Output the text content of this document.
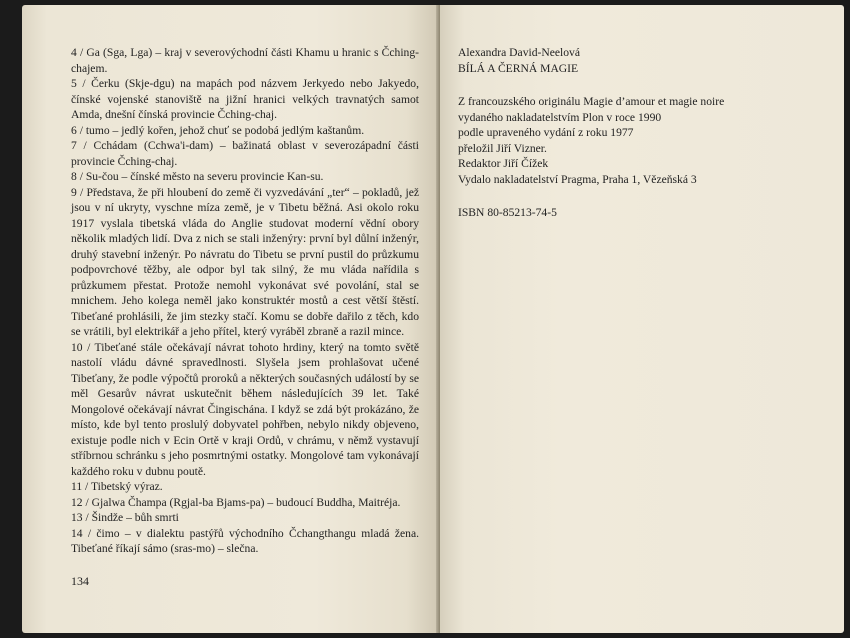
4 / Ga (Sga, Lga) – kraj v severovýchodní části Khamu u hranic s Čching-chajem.

5 / Čerku (Skje-dgu) na mapách pod názvem Jerkyedo nebo Jakyedo, čínské vojenské stanoviště na jižní hranici velkých travnatých samot Amda, dnešní čínská provincie Čching-chaj.

6 / tumo – jedlý kořen, jehož chuť se podobá jedlým kaštanům.

7 / Cchádam (Cchwa'i-dam) – bažinatá oblast v severozápadní části provincie Čching-chaj.

8 / Su-čou – čínské město na severu provincie Kan-su.

9 / Představa, že při hloubení do země či vyzvedávání „ter“ – pokladů, jež jsou v ní ukryty, vyschne míza země, je v Tibetu běžná. Asi okolo roku 1917 vyslala tibetská vláda do Anglie studovat moderní vědní obory několik mladých lidí. Dva z nich se stali inženýry: první byl důlní inženýr, druhý stavební inženýr. Po návratu do Tibetu se první pustil do průzkumu podpovrchové těžby, ale odpor byl tak silný, že mu vláda nařídila s průzkumem přestat. Protože nemohl vykonávat své povolání, stal se mnichem. Jeho kolega neměl jako konstruktér mostů a cest větší štěstí. Tibeťané prohlásili, že jim stezky stačí. Komu se dobře dařilo z těch, kdo se vrátili, byl elektrikář a jeho přítel, který vyráběl zbraně a razil mince.

10 / Tibeťané stále očekávají návrat tohoto hrdiny, který na tomto světě nastolí vládu dávné spravedlnosti. Slyšela jsem prohlašovat učené Tibeťany, že podle výpočtů proroků a některých současných událostí by se měl Gesarův návrat uskutečnit během následujících 39 let. Také Mongolové očekávají návrat Čingischána. I když se zdá být prokázáno, že místo, kde byl tento proslulý dobyvatel pohřben, nebylo nikdy objeveno, existuje podle nich v Ecin Ortě v kraji Ordů, v chrámu, v němž vystavují stříbrnou schránku s jeho posmrtnými ostatky. Mongolové tam vykonávají každého roku v dubnu poutě.

11 / Tibetský výraz.

12 / Gjalwa Čhampa (Rgjal-ba Bjams-pa) – budoucí Buddha, Maitréja.

13 / Šindže – bůh smrti

14 / čimo – v dialektu pastýřů východního Čchangthangu mladá žena. Tibeťané říkají sámo (sras-mo) – slečna.

134
Alexandra David-Neelová
BÍLÁ A ČERNÁ MAGIE
Z francouzského originálu Magie d’amour et magie noire
vydaného nakladatelstvím Plon v roce 1990
podle upraveného vydání z roku 1977
přeložil Jiří Vizner.
Redaktor Jiří Čížek
Vydalo nakladatelství Pragma, Praha 1, Vězeňská 3
ISBN 80-85213-74-5
